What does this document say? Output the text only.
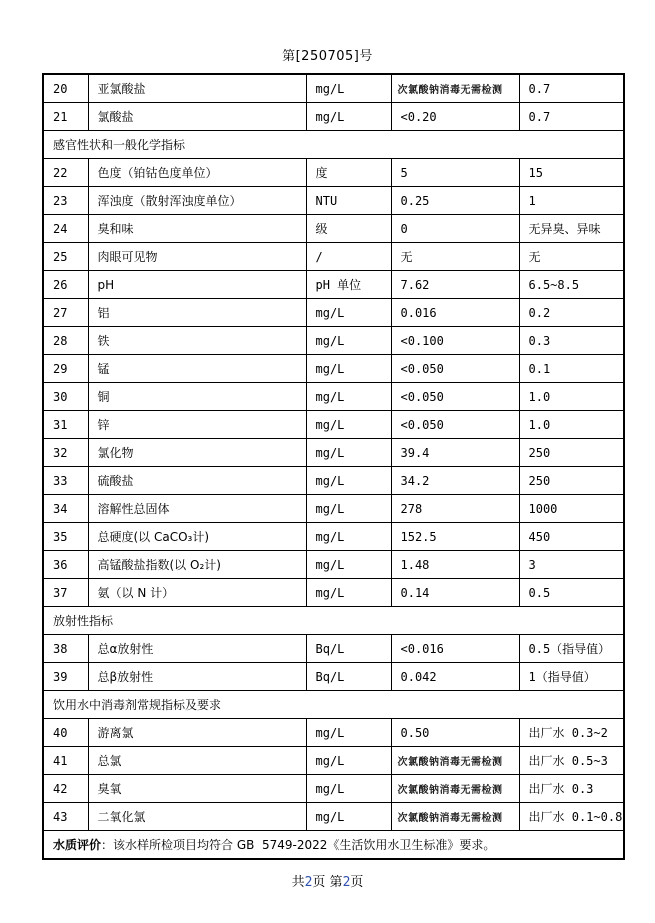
第[250705]号
20	亚氯酸盐	mg/L	次氯酸钠消毒无需检测	0.7
21	氯酸盐	mg/L	<0.20	0.7
感官性状和一般化学指标				
22	色度（铂钴色度单位）	度	5	15
23	浑浊度（散射浑浊度单位）	NTU	0.25	1
24	臭和味	级	0	无异臭、异味
25	肉眼可见物	/	无	无
26	pH	pH 单位	7.62	6.5~8.5
27	铝	mg/L	0.016	0.2
28	铁	mg/L	<0.100	0.3
29	锰	mg/L	<0.050	0.1
30	铜	mg/L	<0.050	1.0
31	锌	mg/L	<0.050	1.0
32	氯化物	mg/L	39.4	250
33	硫酸盐	mg/L	34.2	250
34	溶解性总固体	mg/L	278	1000
35	总硬度(以 CaCO₃计)	mg/L	152.5	450
36	高锰酸盐指数(以 O₂计)	mg/L	1.48	3
37	氨（以 N 计）	mg/L	0.14	0.5
放射性指标				
38	总α放射性	Bq/L	<0.016	0.5（指导值）
39	总β放射性	Bq/L	0.042	1（指导值）
饮用水中消毒剂常规指标及要求				
40	游离氯	mg/L	0.50	出厂水 0.3~2
41	总氯	mg/L	次氯酸钠消毒无需检测	出厂水 0.5~3
42	臭氧	mg/L	次氯酸钠消毒无需检测	出厂水 0.3
43	二氧化氯	mg/L	次氯酸钠消毒无需检测	出厂水 0.1~0.8
水质评价：该水样所检项目均符合 GB  5749-2022《生活饮用水卫生标准》要求。				
共2页 第2页
